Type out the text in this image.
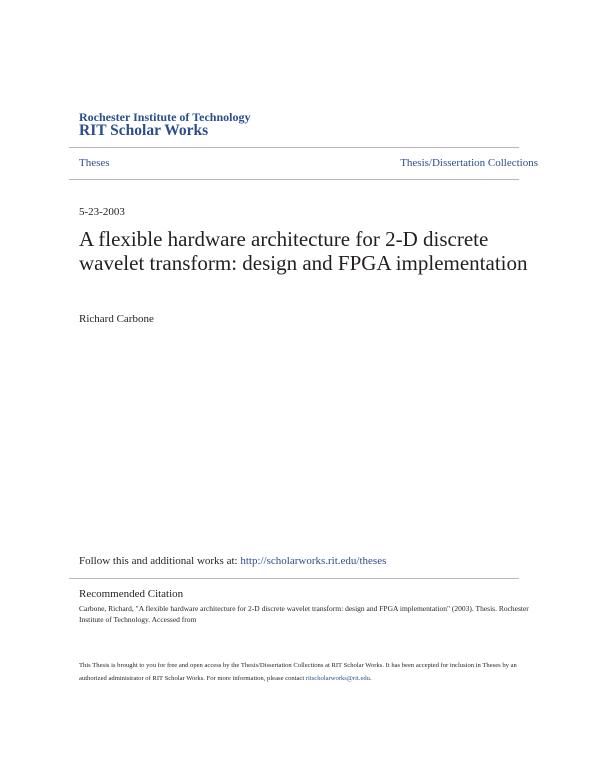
Rochester Institute of Technology
RIT Scholar Works
Theses	Thesis/Dissertation Collections
5-23-2003
A flexible hardware architecture for 2-D discrete wavelet transform: design and FPGA implementation
Richard Carbone
Follow this and additional works at: http://scholarworks.rit.edu/theses
Recommended Citation
Carbone, Richard, "A flexible hardware architecture for 2-D discrete wavelet transform: design and FPGA implementation" (2003). Thesis. Rochester Institute of Technology. Accessed from
This Thesis is brought to you for free and open access by the Thesis/Dissertation Collections at RIT Scholar Works. It has been accepted for inclusion in Theses by an authorized administrator of RIT Scholar Works. For more information, please contact ritscholarworks@rit.edu.
